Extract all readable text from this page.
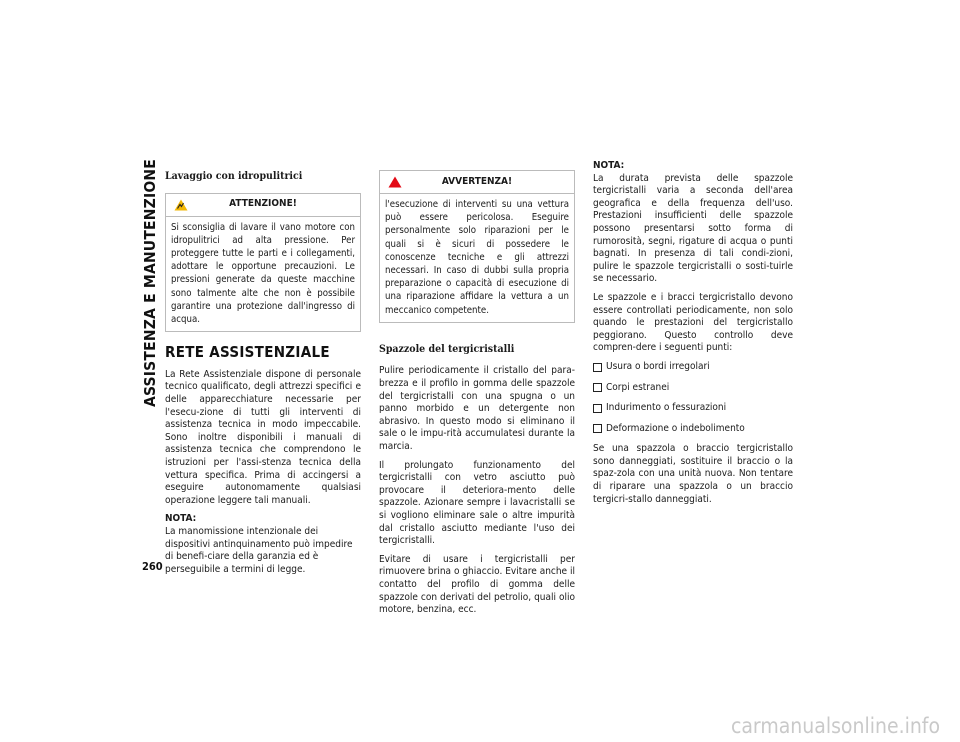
ASSISTENZA E MANUTENZIONE
260
Lavaggio con idropulitrici
ATTENZIONE!
Si sconsiglia di lavare il vano motore con idropulitrici ad alta pressione. Per proteggere tutte le parti e i collegamenti, adottare le opportune precauzioni. Le pressioni generate da queste macchine sono talmente alte che non è possibile garantire una protezione dall'ingresso di acqua.
RETE ASSISTENZIALE

La Rete Assistenziale dispone di personale tecnico qualificato, degli attrezzi specifici e delle apparecchiature necessarie per l'esecu-zione di tutti gli interventi di assistenza tecnica in modo impeccabile. Sono inoltre disponibili i manuali di assistenza tecnica che comprendono le istruzioni per l'assi-stenza tecnica della vettura specifica. Prima di accingersi a eseguire autonomamente qualsiasi operazione leggere tali manuali.

NOTA:

La manomissione intenzionale dei dispositivi antinquinamento può impedire di benefi-ciare della garanzia ed è perseguibile a termini di legge.

AVVERTENZA!
l'esecuzione di interventi su una vettura può essere pericolosa. Eseguire personalmente solo riparazioni per le quali si è sicuri di possedere le conoscenze tecniche e gli attrezzi necessari. In caso di dubbi sulla propria preparazione o capacità di esecuzione di una riparazione affidare la vettura a un meccanico competente.
Spazzole del tergicristalli

Pulire periodicamente il cristallo del para-brezza e il profilo in gomma delle spazzole del tergicristalli con una spugna o un panno morbido e un detergente non abrasivo. In questo modo si eliminano il sale o le impu-rità accumulatesi durante la marcia.

Il prolungato funzionamento del tergicristalli con vetro asciutto può provocare il deteriora-mento delle spazzole. Azionare sempre i lavacristalli se si vogliono eliminare sale o altre impurità dal cristallo asciutto mediante l'uso dei tergicristalli.

Evitare di usare i tergicristalli per rimuovere brina o ghiaccio. Evitare anche il contatto del profilo di gomma delle spazzole con derivati del petrolio, quali olio motore, benzina, ecc.

NOTA:

La durata prevista delle spazzole tergicristalli varia a seconda dell'area geografica e della frequenza dell'uso. Prestazioni insufficienti delle spazzole possono presentarsi sotto forma di rumorosità, segni, rigature di acqua o punti bagnati. In presenza di tali condi-zioni, pulire le spazzole tergicristalli o sosti-tuirle se necessario.

Le spazzole e i bracci tergicristallo devono essere controllati periodicamente, non solo quando le prestazioni del tergicristallo peggiorano. Questo controllo deve compren-dere i seguenti punti:

Usura o bordi irregolari
Corpi estranei
Indurimento o fessurazioni
Deformazione o indebolimento

Se una spazzola o braccio tergicristallo sono danneggiati, sostituire il braccio o la spaz-zola con una unità nuova. Non tentare di riparare una spazzola o un braccio tergicri-stallo danneggiati.

carmanualsonline.info
